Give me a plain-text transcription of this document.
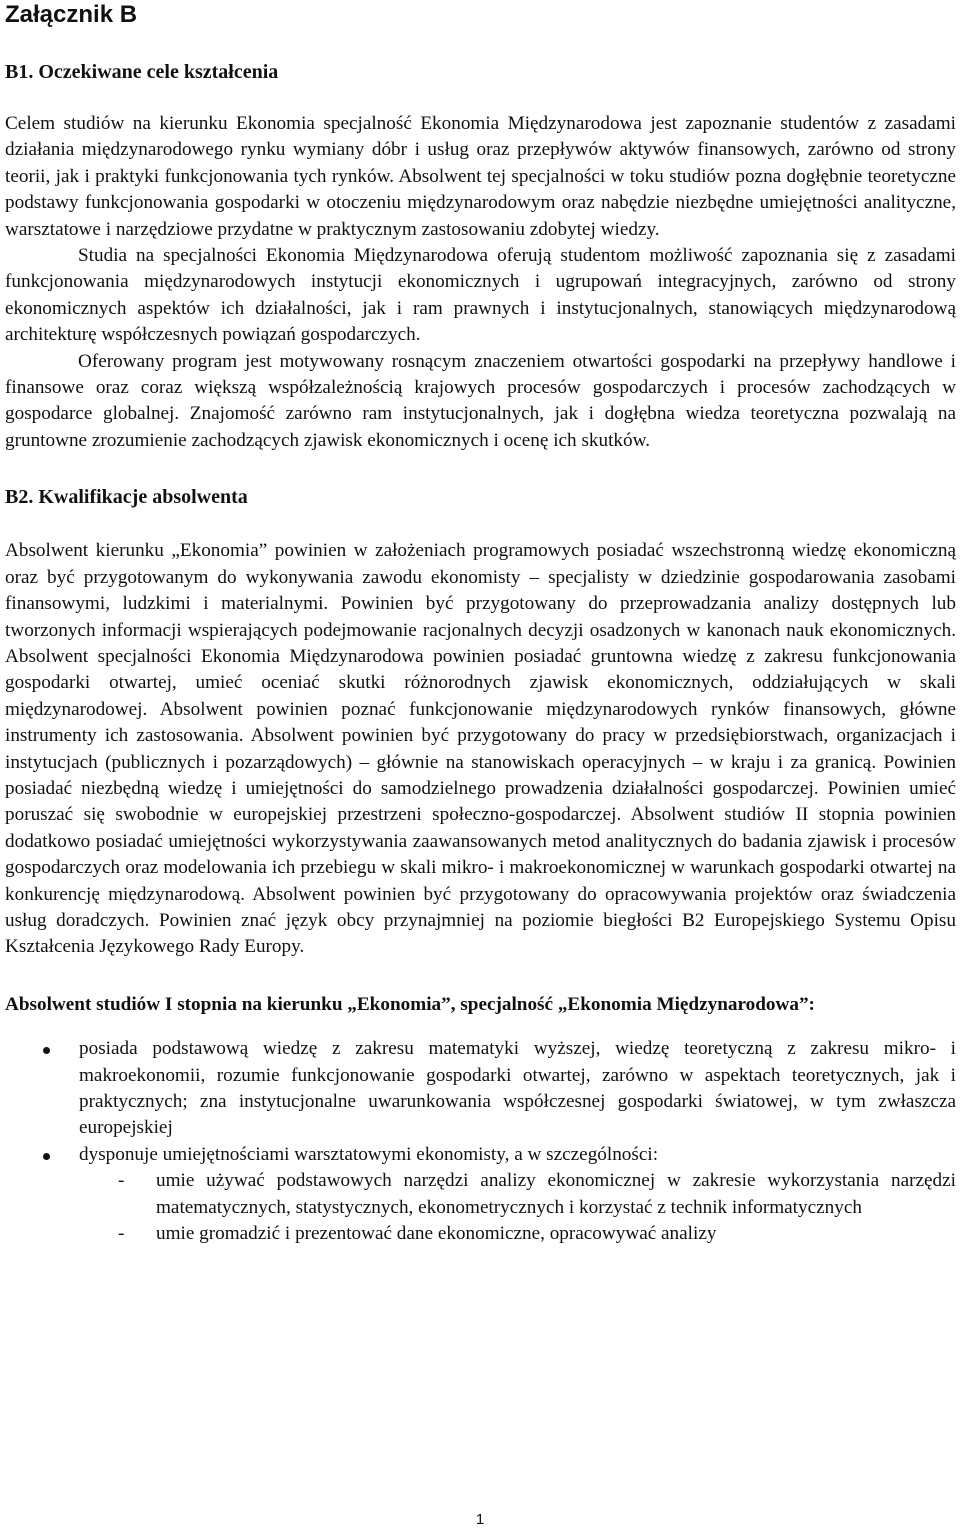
Załącznik B
B1. Oczekiwane cele kształcenia

Celem studiów na kierunku Ekonomia specjalność Ekonomia Międzynarodowa jest zapoznanie studentów z zasadami działania międzynarodowego rynku wymiany dóbr i usług oraz przepływów aktywów finansowych, zarówno od strony teorii, jak i praktyki funkcjonowania tych rynków. Absolwent tej specjalności w toku studiów pozna dogłębnie teoretyczne podstawy funkcjonowania gospodarki w otoczeniu międzynarodowym oraz nabędzie niezbędne umiejętności analityczne, warsztatowe i narzędziowe przydatne w praktycznym zastosowaniu zdobytej wiedzy.

Studia na specjalności Ekonomia Międzynarodowa oferują studentom możliwość zapoznania się z zasadami funkcjonowania międzynarodowych instytucji ekonomicznych i ugrupowań integracyjnych, zarówno od strony ekonomicznych aspektów ich działalności, jak i ram prawnych i instytucjonalnych, stanowiących międzynarodową architekturę współczesnych powiązań gospodarczych.

Oferowany program jest motywowany rosnącym znaczeniem otwartości gospodarki na przepływy handlowe i finansowe oraz coraz większą współzależnością krajowych procesów gospodarczych i procesów zachodzących w gospodarce globalnej. Znajomość zarówno ram instytucjonalnych, jak i dogłębna wiedza teoretyczna pozwalają na gruntowne zrozumienie zachodzących zjawisk ekonomicznych i ocenę ich skutków.

B2. Kwalifikacje absolwenta

Absolwent kierunku „Ekonomia” powinien w założeniach programowych posiadać wszechstronną wiedzę ekonomiczną oraz być przygotowanym do wykonywania zawodu ekonomisty – specjalisty w dziedzinie gospodarowania zasobami finansowymi, ludzkimi i materialnymi. Powinien być przygotowany do przeprowadzania analizy dostępnych lub tworzonych informacji wspierających podejmowanie racjonalnych decyzji osadzonych w kanonach nauk ekonomicznych. Absolwent specjalności Ekonomia Międzynarodowa powinien posiadać gruntowna wiedzę z zakresu funkcjonowania gospodarki otwartej, umieć oceniać skutki różnorodnych zjawisk ekonomicznych, oddziałujących w skali międzynarodowej. Absolwent powinien poznać funkcjonowanie międzynarodowych rynków finansowych, główne instrumenty ich zastosowania. Absolwent powinien być przygotowany do pracy w przedsiębiorstwach, organizacjach i instytucjach (publicznych i pozarządowych) – głównie na stanowiskach operacyjnych – w kraju i za granicą. Powinien posiadać niezbędną wiedzę i umiejętności do samodzielnego prowadzenia działalności gospodarczej. Powinien umieć poruszać się swobodnie w europejskiej przestrzeni społeczno-gospodarczej. Absolwent studiów II stopnia powinien dodatkowo posiadać umiejętności wykorzystywania zaawansowanych metod analitycznych do badania zjawisk i procesów gospodarczych oraz modelowania ich przebiegu w skali mikro- i makroekonomicznej w warunkach gospodarki otwartej na konkurencję międzynarodową. Absolwent powinien być przygotowany do opracowywania projektów oraz świadczenia usług doradczych. Powinien znać język obcy przynajmniej na poziomie biegłości B2 Europejskiego Systemu Opisu Kształcenia Językowego Rady Europy.

Absolwent studiów I stopnia na kierunku „Ekonomia”, specjalność „Ekonomia Międzynarodowa”:

posiada podstawową wiedzę z zakresu matematyki wyższej, wiedzę teoretyczną z zakresu mikro- i makroekonomii, rozumie funkcjonowanie gospodarki otwartej, zarówno w aspektach teoretycznych, jak i praktycznych; zna instytucjonalne uwarunkowania współczesnej gospodarki światowej, w tym zwłaszcza europejskiej
dysponuje umiejętnościami warsztatowymi ekonomisty, a w szczególności:
-	umie używać podstawowych narzędzi analizy ekonomicznej w zakresie wykorzystania narzędzi matematycznych, statystycznych, ekonometrycznych i korzystać z technik informatycznych
-	umie gromadzić i prezentować dane ekonomiczne, opracowywać analizy
1
